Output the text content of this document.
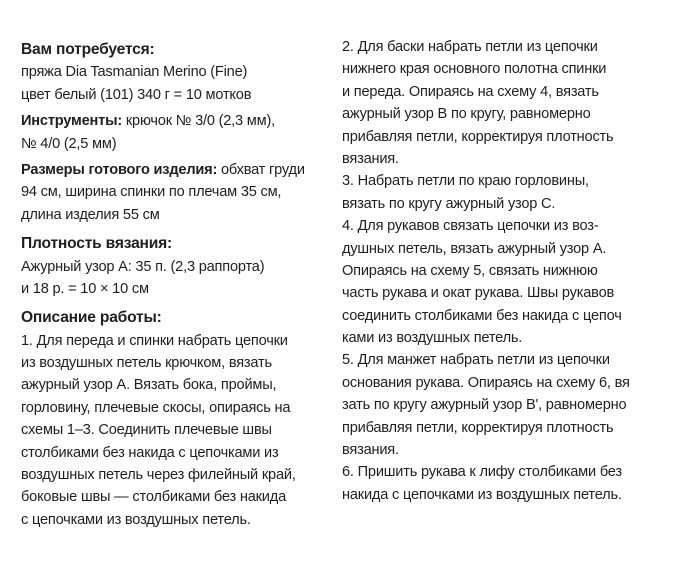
Вам потребуется:
пряжа Dia Tasmanian Merino (Fine)
цвет белый (101) 340 г = 10 мотков
Инструменты: крючок № 3/0 (2,3 мм),
№ 4/0 (2,5 мм)
Размеры готового изделия: обхват груди
94 см, ширина спинки по плечам 35 см,
длина изделия 55 см
Плотность вязания:
Ажурный узор А: 35 п. (2,3 раппорта)
и 18 р. = 10 × 10 см
Описание работы:
1. Для переда и спинки набрать цепочки
из воздушных петель крючком, вязать
ажурный узор А. Вязать бока, проймы,
горловину, плечевые скосы, опираясь на
схемы 1–3. Соединить плечевые швы
столбиками без накида с цепочками из
воздушных петель через филейный край,
боковые швы — столбиками без накида
с цепочками из воздушных петель.
2. Для баски набрать петли из цепочки
нижнего края основного полотна спинки
и переда. Опираясь на схему 4, вязать
ажурный узор В по кругу, равномерно
прибавляя петли, корректируя плотность
вязания.
3. Набрать петли по краю горловины,
вязать по кругу ажурный узор С.
4. Для рукавов связать цепочки из воз-
душных петель, вязать ажурный узор А.
Опираясь на схему 5, связать нижнюю
часть рукава и окат рукава. Швы рукавов
соединить столбиками без накида с цепоч
ками из воздушных петель.
5. Для манжет набрать петли из цепочки
основания рукава. Опираясь на схему 6, вя
зать по кругу ажурный узор В', равномерно
прибавляя петли, корректируя плотность
вязания.
6. Пришить рукава к лифу столбиками без
накида с цепочками из воздушных петель.
